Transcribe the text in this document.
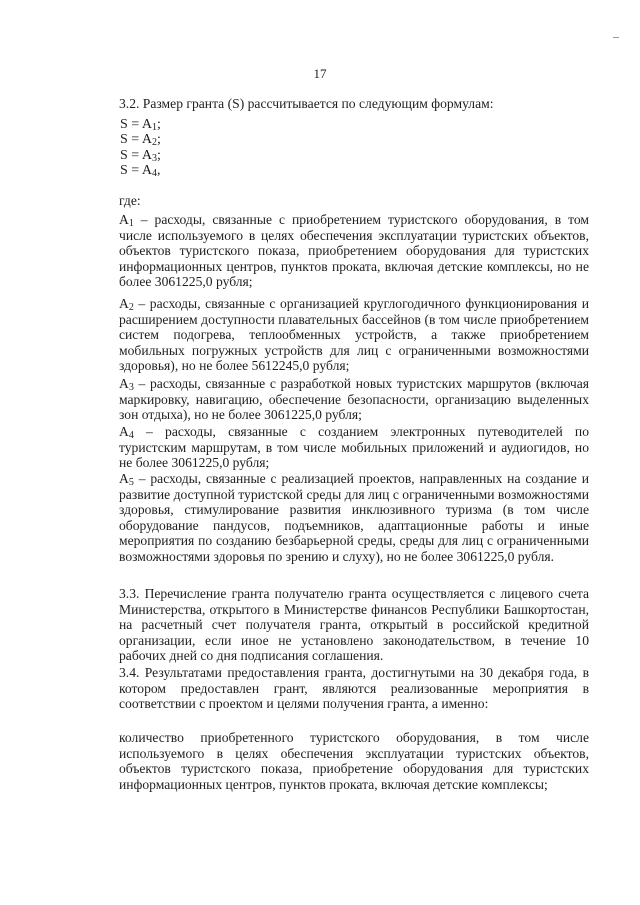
17

3.2. Размер гранта (S) рассчитывается по следующим формулам:

$S = A_1$;

$S = A_2$;

$S = A_3$;

$S = A_4$,

где:

$A_1$ – расходы, связанные с приобретением туристского оборудования, в том числе используемого в целях обеспечения эксплуатации туристских объектов, объектов туристского показа, приобретением оборудования для туристских информационных центров, пунктов проката, включая детские комплексы, но не более 3061225,0 рубля;

$A_2$ – расходы, связанные с организацией круглогодичного функционирования и расширением доступности плавательных бассейнов (в том числе приобретением систем подогрева, теплообменных устройств, а также приобретением мобильных погружных устройств для лиц с ограниченными возможностями здоровья), но не более 5612245,0 рубля;

$A_3$ – расходы, связанные с разработкой новых туристских маршрутов (включая маркировку, навигацию, обеспечение безопасности, организацию выделенных зон отдыха), но не более 3061225,0 рубля;

$A_4$ – расходы, связанные с созданием электронных путеводителей по туристским маршрутам, в том числе мобильных приложений и аудиогидов, но не более 3061225,0 рубля;

$A_5$ – расходы, связанные с реализацией проектов, направленных на создание и развитие доступной туристской среды для лиц с ограниченными возможностями здоровья, стимулирование развития инклюзивного туризма (в том числе оборудование пандусов, подъемников, адаптационные работы и иные мероприятия по созданию безбарьерной среды, среды для лиц с ограниченными возможностями здоровья по зрению и слуху), но не более 3061225,0 рубля.

3.3. Перечисление гранта получателю гранта осуществляется с лицевого счета Министерства, открытого в Министерстве финансов Республики Башкортостан, на расчетный счет получателя гранта, открытый в российской кредитной организации, если иное не установлено законодательством, в течение 10 рабочих дней со дня подписания соглашения.

3.4. Результатами предоставления гранта, достигнутыми на 30 декабря года, в котором предоставлен грант, являются реализованные мероприятия в соответствии с проектом и целями получения гранта, а именно:

количество приобретенного туристского оборудования, в том числе используемого в целях обеспечения эксплуатации туристских объектов, объектов туристского показа, приобретение оборудования для туристских информационных центров, пунктов проката, включая детские комплексы;
